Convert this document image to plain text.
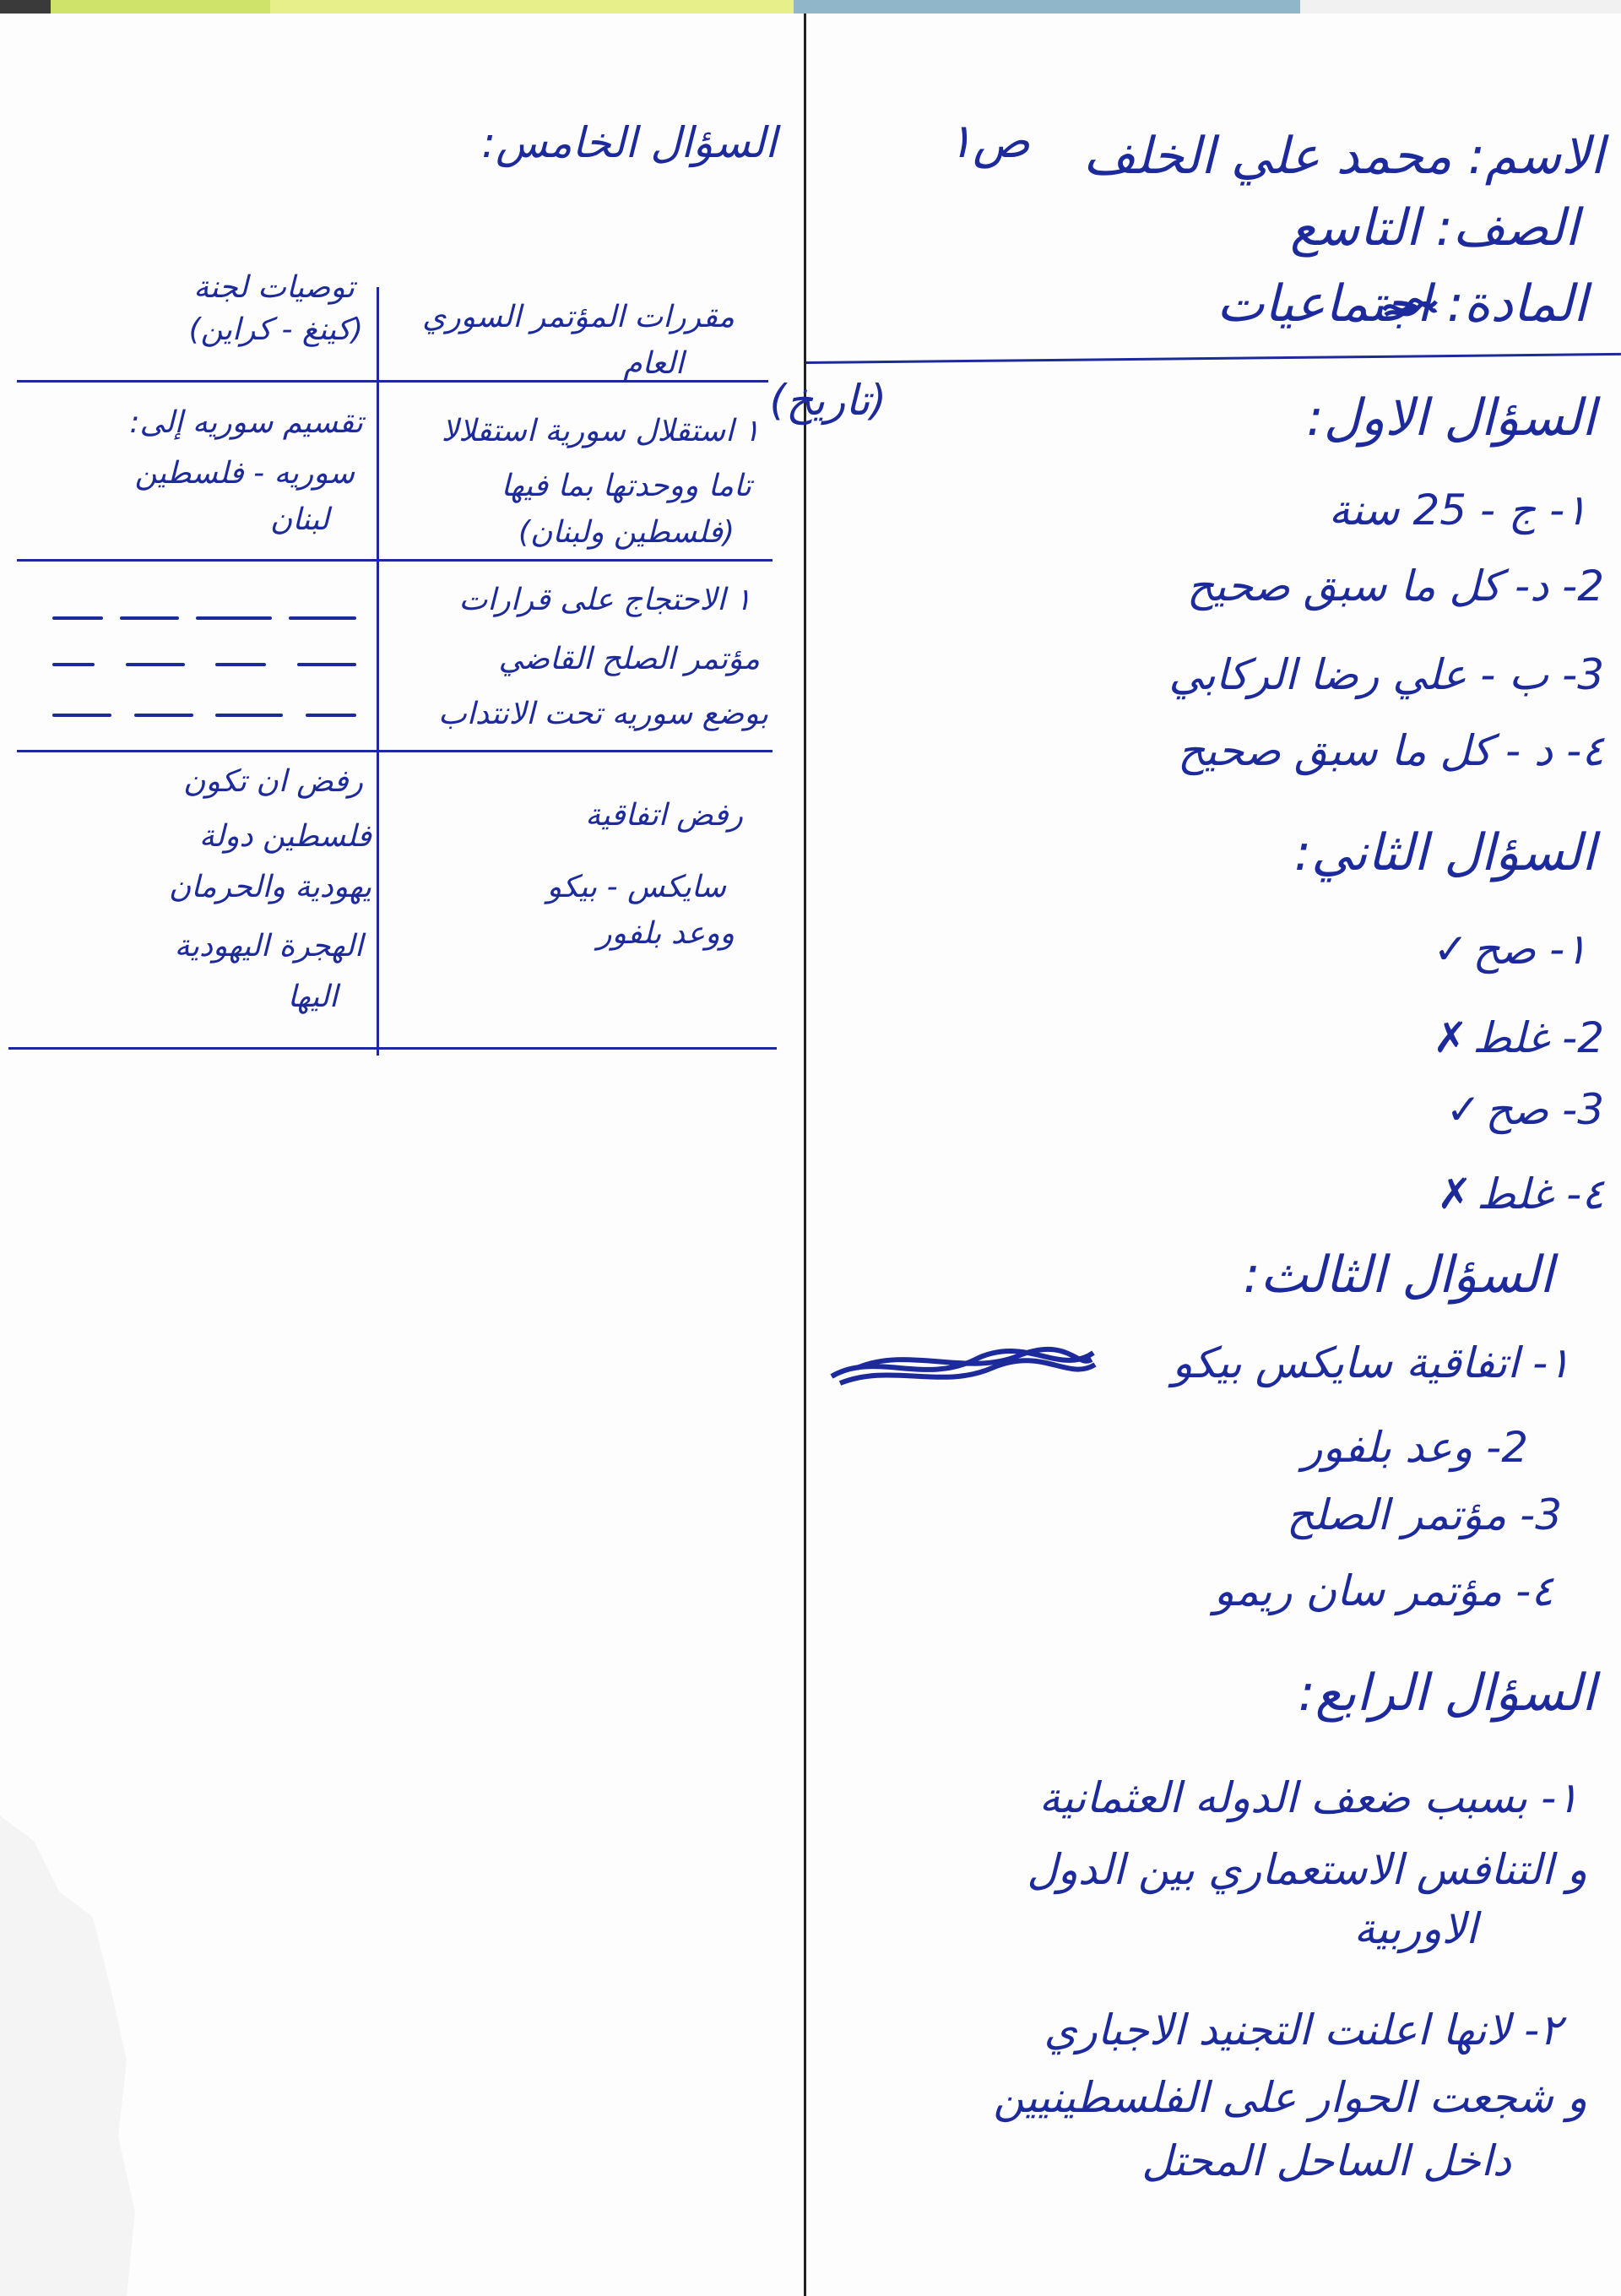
الاسم: محمد علي الخلف
ص١
الصف: التاسع
المادة: اجتماعيات
السؤال الاول:
(تاريخ)
١- ج - 25 سنة
2- د- كل ما سبق صحيح
3- ب - علي رضا الركابي
٤- د - كل ما سبق صحيح
السؤال الثاني:
١- صح ✓
2- غلط ✗
3- صح ✓
٤- غلط ✗
السؤال الثالث:
١- اتفاقية سايكس بيكو
2- وعد بلفور
3- مؤتمر الصلح
٤- مؤتمر سان ريمو
السؤال الرابع:
١- بسبب ضعف الدوله العثمانية
و التنافس الاستعماري بين الدول
الاوربية
٢- لانها اعلنت التجنيد الاجباري
و شجعت الحوار على الفلسطينيين
داخل الساحل المحتل
السؤال الخامس:
مقررات المؤتمر السوري
العام
توصيات لجنة
(كينغ - كراين)
١ استقلال سورية استقلالا
تاما ووحدتها بما فيها
(فلسطين ولبنان)
تقسيم سوريه إلى:
سوريه - فلسطين
لبنان
١ الاحتجاج على قرارات
مؤتمر الصلح القاضي
بوضع سوريه تحت الانتداب
رفض اتفاقية
سايكس - بيكو
ووعد بلفور
رفض ان تكون
فلسطين دولة
يهودية والحرمان
الهجرة اليهودية
اليها
